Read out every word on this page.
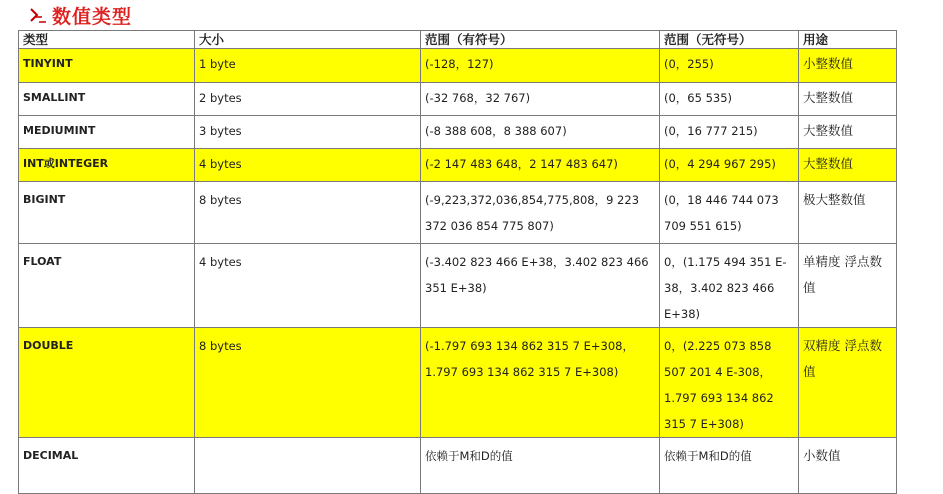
数值类型
类型	大小	范围（有符号）	范围（无符号）	用途
TINYINT	1 byte	(-128，127)	(0，255)	小整数值
SMALLINT	2 bytes	(-32 768，32 767)	(0，65 535)	大整数值
MEDIUMINT	3 bytes	(-8 388 608，8 388 607)	(0，16 777 215)	大整数值
INT或INTEGER	4 bytes	(-2 147 483 648，2 147 483 647)	(0，4 294 967 295)	大整数值
BIGINT	8 bytes	(-9,223,372,036,854,775,808，9 223 372 036 854 775 807)	(0，18 446 744 073 709 551 615)	极大整数值
FLOAT	4 bytes	(-3.402 823 466 E+38，3.402 823 466 351 E+38)	0，(1.175 494 351 E-38，3.402 823 466 E+38)	单精度 浮点数值
DOUBLE	8 bytes	(-1.797 693 134 862 315 7 E+308，1.797 693 134 862 315 7 E+308)	0，(2.225 073 858 507 201 4 E-308，1.797 693 134 862 315 7 E+308)	双精度 浮点数值
DECIMAL		依赖于M和D的值	依赖于M和D的值	小数值
